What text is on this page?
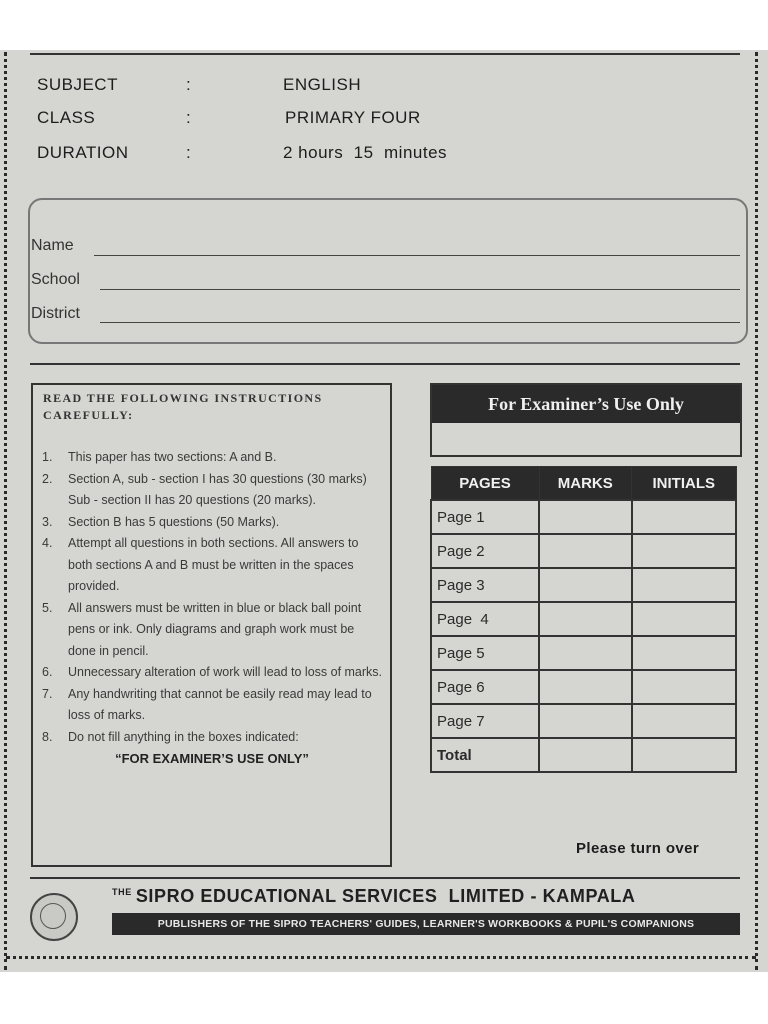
SUBJECT	:	ENGLISH
CLASS	:	PRIMARY FOUR
DURATION	:	2 hours  15  minutes
Name
School
District
READ THE FOLLOWING INSTRUCTIONS CAREFULLY:
1. This paper has two sections: A and B.
2. Section A, sub - section I has 30 questions (30 marks) Sub - section II has 20 questions (20 marks).
3. Section B has 5 questions (50 Marks).
4. Attempt all questions in both sections. All answers to both sections A and B must be written in the spaces provided.
5. All answers must be written in blue or black ball point pens or ink. Only diagrams and graph work must be done in pencil.
6. Unnecessary alteration of work will lead to loss of marks.
7. Any handwriting that cannot be easily read may lead to loss of marks.
8. Do not fill anything in the boxes indicated:
“FOR EXAMINER’S USE ONLY”
For Examiner’s Use Only
PAGES	MARKS	INITIALS
Page 1		
Page 2		
Page 3		
Page  4		
Page 5		
Page 6		
Page 7		
Total		
Please turn over
$^{THE}$ SIPRO EDUCATIONAL SERVICES  LIMITED - KAMPALA
PUBLISHERS OF THE SIPRO TEACHERS' GUIDES, LEARNER'S WORKBOOKS & PUPIL'S COMPANIONS
